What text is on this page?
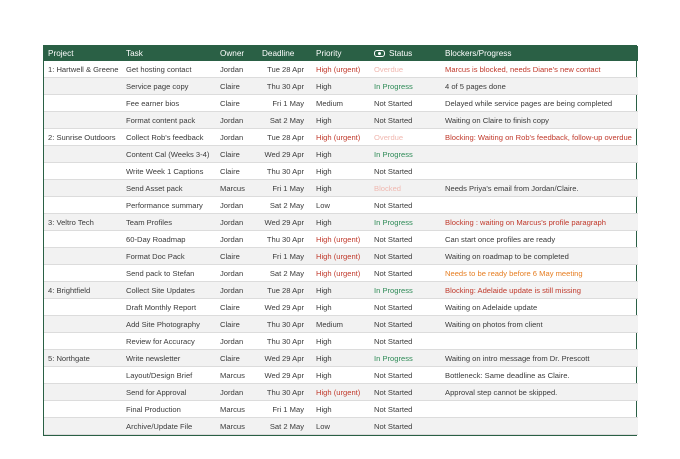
Project	Task	Owner	Deadline	Priority	Status	Blockers/Progress
1: Hartwell & Greene	Get hosting contact	Jordan	Tue 28 Apr	High (urgent)	Overdue	Marcus is blocked, needs Diane's new contact
	Service page copy	Claire	Thu 30 Apr	High	In Progress	4 of 5 pages done
	Fee earner bios	Claire	Fri 1 May	Medium	Not Started	Delayed while service pages are being completed
	Format content pack	Jordan	Sat 2 May	High	Not Started	Waiting on Claire to finish copy
2: Sunrise Outdoors	Collect Rob's feedback	Jordan	Tue 28 Apr	High (urgent)	Overdue	Blocking: Waiting on Rob's feedback, follow-up overdue
	Content Cal (Weeks 3-4)	Claire	Wed 29 Apr	High	In Progress	
	Write Week 1 Captions	Claire	Thu 30 Apr	High	Not Started	
	Send Asset pack	Marcus	Fri 1 May	High	Blocked	Needs Priya's email from Jordan/Claire.
	Performance summary	Jordan	Sat 2 May	Low	Not Started	
3: Veltro Tech	Team Profiles	Jordan	Wed 29 Apr	High	In Progress	Blocking : waiting on Marcus's profile paragraph
	60-Day Roadmap	Jordan	Thu 30 Apr	High (urgent)	Not Started	Can start once profiles are ready
	Format Doc Pack	Claire	Fri 1 May	High (urgent)	Not Started	Waiting on roadmap to be completed
	Send pack to Stefan	Jordan	Sat 2 May	High (urgent)	Not Started	Needs to be ready before 6 May meeting
4: Brightfield	Collect Site Updates	Jordan	Tue 28 Apr	High	In Progress	Blocking: Adelaide update is still missing
	Draft Monthly Report	Claire	Wed 29 Apr	High	Not Started	Waiting on Adelaide update
	Add Site Photography	Claire	Thu 30 Apr	Medium	Not Started	Waiting on photos from client
	Review for Accuracy	Jordan	Thu 30 Apr	High	Not Started	
5: Northgate	Write newsletter	Claire	Wed 29 Apr	High	In Progress	Waiting on intro message from Dr. Prescott
	Layout/Design Brief	Marcus	Wed 29 Apr	High	Not Started	Bottleneck: Same deadline as Claire.
	Send for Approval	Jordan	Thu 30 Apr	High (urgent)	Not Started	Approval step cannot be skipped.
	Final Production	Marcus	Fri 1 May	High	Not Started	
	Archive/Update File	Marcus	Sat 2 May	Low	Not Started	
